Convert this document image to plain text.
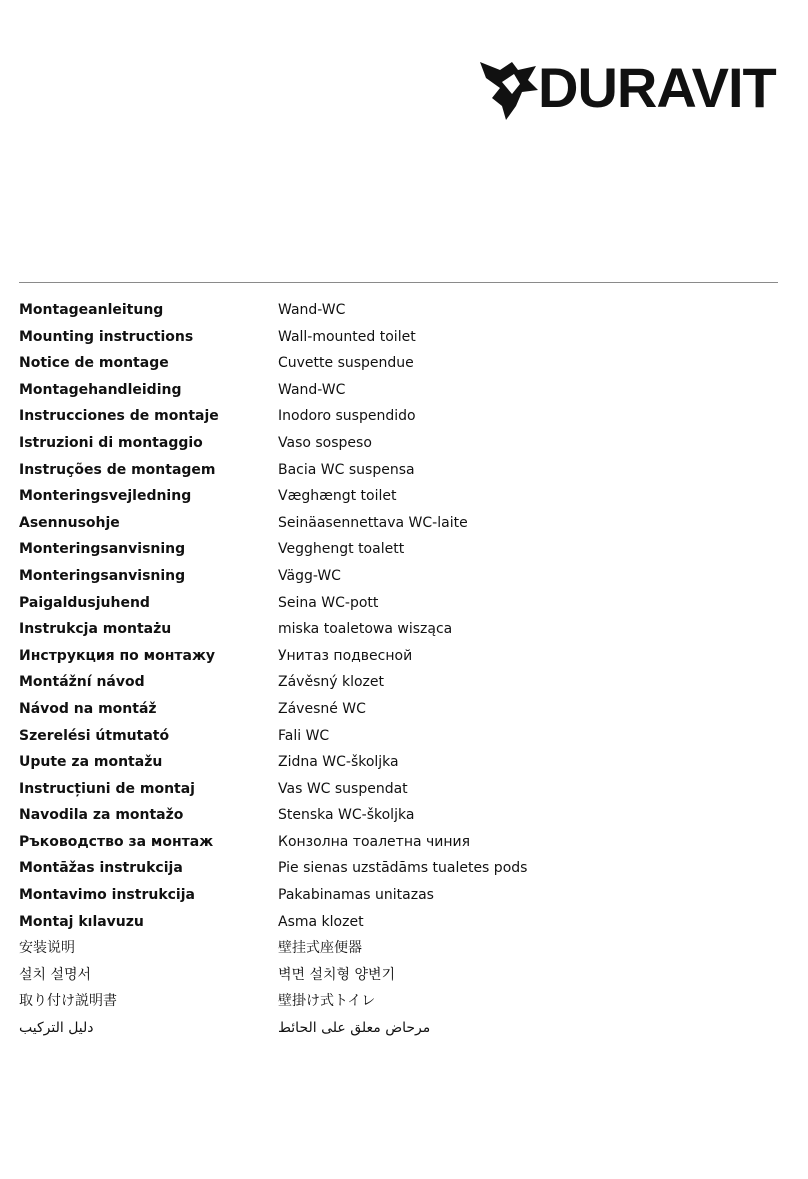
DURAVIT
Montageanleitung	Wand-WC
Mounting instructions	Wall-mounted toilet
Notice de montage	Cuvette suspendue
Montagehandleiding	Wand-WC
Instrucciones de montaje	Inodoro suspendido
Istruzioni di montaggio	Vaso sospeso
Instruções de montagem	Bacia WC suspensa
Monteringsvejledning	Væghængt toilet
Asennusohje	Seinäasennettava WC-laite
Monteringsanvisning	Vegghengt toalett
Monteringsanvisning	Vägg-WC
Paigaldusjuhend	Seina WC-pott
Instrukcja montażu	miska toaletowa wisząca
Инструкция по монтажу	Унитаз подвесной
Montážní návod	Závěsný klozet
Návod na montáž	Závesné WC
Szerelési útmutató	Fali WC
Upute za montažu	Zidna WC-školjka
Instrucțiuni de montaj	Vas WC suspendat
Navodila za montažo	Stenska WC-školjka
Ръководство за монтаж	Конзолна тоалетна чиния
Montāžas instrukcija	Pie sienas uzstādāms tualetes pods
Montavimo instrukcija	Pakabinamas unitazas
Montaj kılavuzu	Asma klozet
安装说明	壁挂式座便器
설치 설명서	벽면 설치형 양변기
取り付け説明書	壁掛け式トイレ
دليل التركيب	مرحاض معلق على الحائط
